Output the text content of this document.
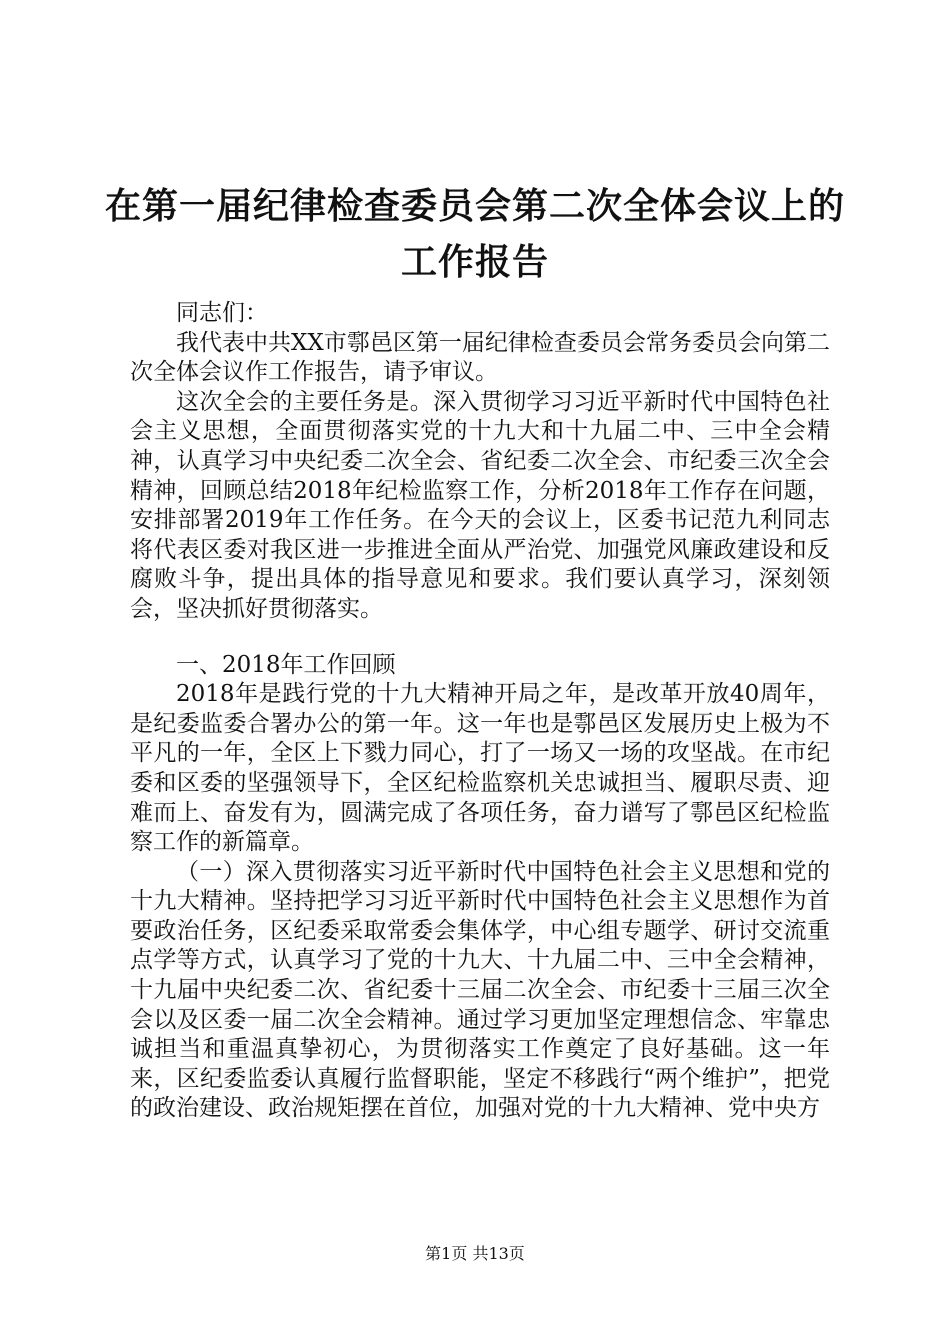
在第一届纪律检查委员会第二次全体会议上的
工作报告

同志们：

我代表中共XX市鄠邑区第一届纪律检查委员会常务委员会向第二次全体会议作工作报告，请予审议。

这次全会的主要任务是。深入贯彻学习习近平新时代中国特色社会主义思想，全面贯彻落实党的十九大和十九届二中、三中全会精神，认真学习中央纪委二次全会、省纪委二次全会、市纪委三次全会精神，回顾总结2018年纪检监察工作，分析2018年工作存在问题，安排部署2019年工作任务。在今天的会议上，区委书记范九利同志将代表区委对我区进一步推进全面从严治党、加强党风廉政建设和反腐败斗争，提出具体的指导意见和要求。我们要认真学习，深刻领会，坚决抓好贯彻落实。

一、2018年工作回顾

2018年是践行党的十九大精神开局之年，是改革开放40周年，是纪委监委合署办公的第一年。这一年也是鄠邑区发展历史上极为不平凡的一年，全区上下戮力同心，打了一场又一场的攻坚战。在市纪委和区委的坚强领导下，全区纪检监察机关忠诚担当、履职尽责、迎难而上、奋发有为，圆满完成了各项任务，奋力谱写了鄠邑区纪检监察工作的新篇章。

（一）深入贯彻落实习近平新时代中国特色社会主义思想和党的十九大精神。坚持把学习习近平新时代中国特色社会主义思想作为首要政治任务，区纪委采取常委会集体学，中心组专题学、研讨交流重点学等方式，认真学习了党的十九大、十九届二中、三中全会精神，十九届中央纪委二次、省纪委十三届二次全会、市纪委十三届三次全会以及区委一届二次全会精神。通过学习更加坚定理想信念、牢靠忠诚担当和重温真挚初心，为贯彻落实工作奠定了良好基础。这一年来，区纪委监委认真履行监督职能，坚定不移践行“两个维护”，把党的政治建设、政治规矩摆在首位，加强对党的十九大精神、党中央方

第1页 共13页
